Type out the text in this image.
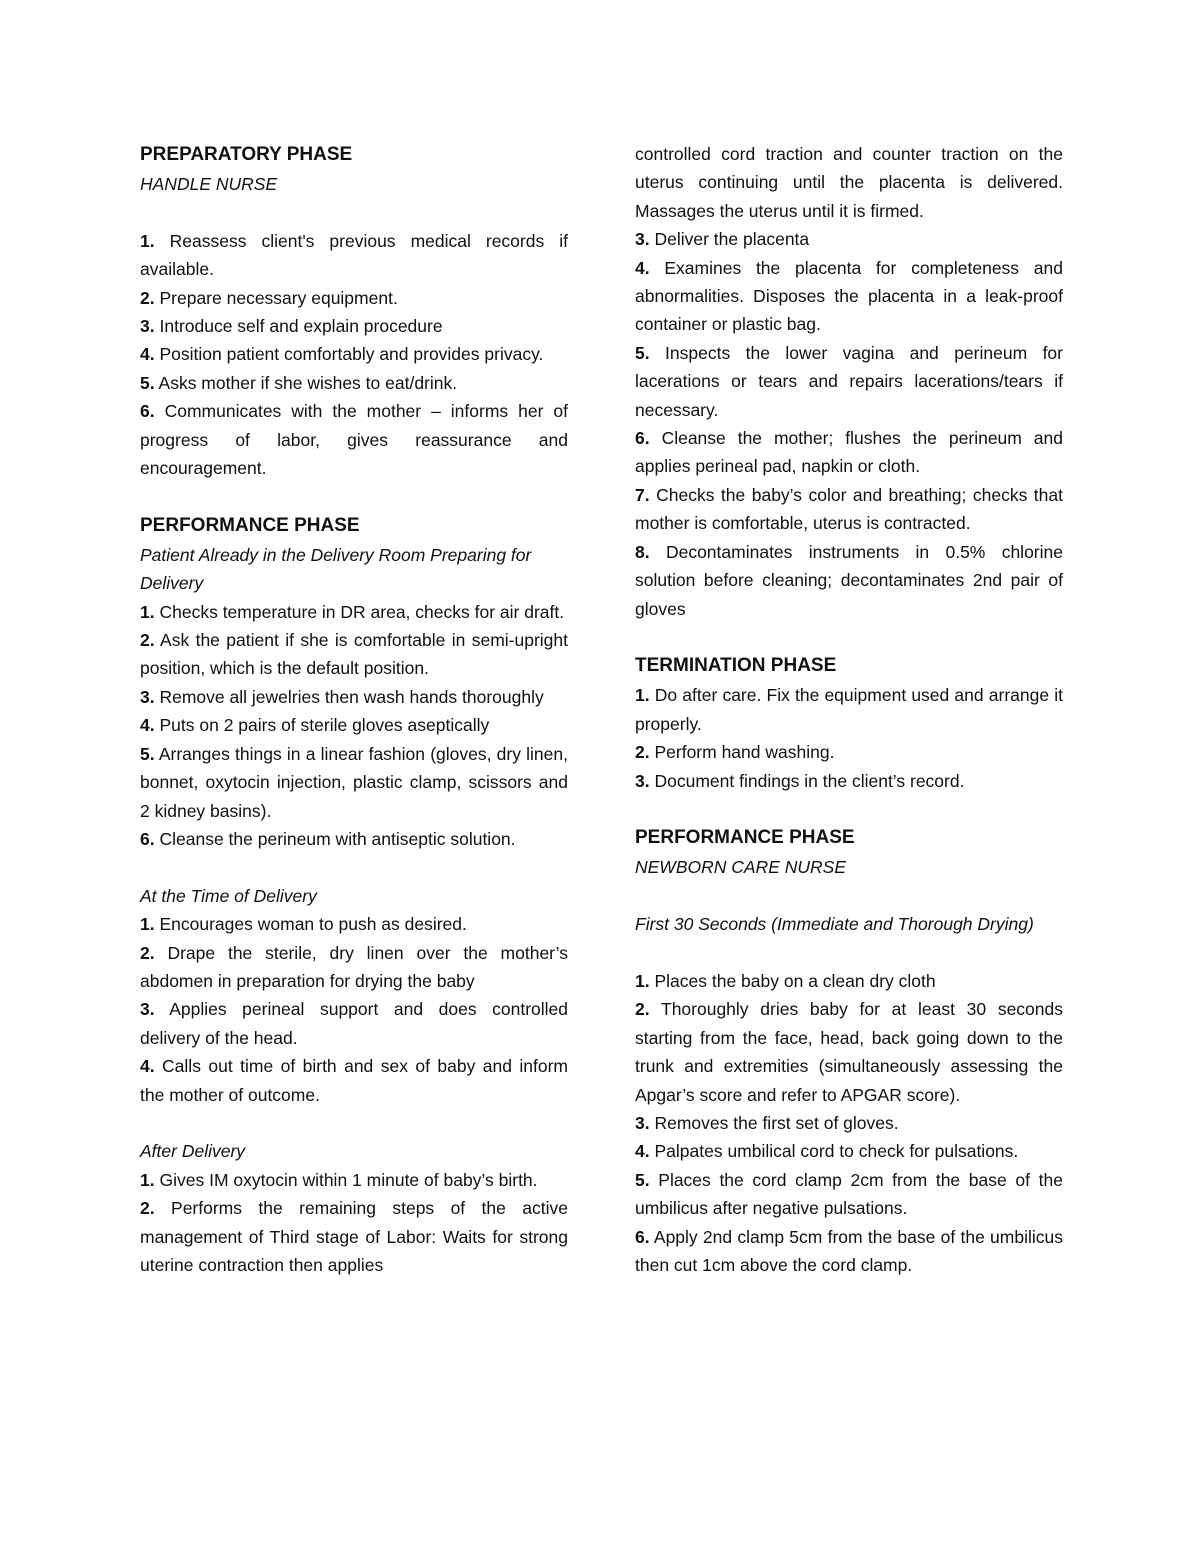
PREPARATORY PHASE

HANDLE NURSE

1. Reassess client's previous medical records if available.

2. Prepare necessary equipment.

3. Introduce self and explain procedure

4. Position patient comfortably and provides privacy.

5. Asks mother if she wishes to eat/drink.

6. Communicates with the mother – informs her of progress of labor, gives reassurance and encouragement.

PERFORMANCE PHASE

Patient Already in the Delivery Room Preparing for Delivery

1. Checks temperature in DR area, checks for air draft.

2. Ask the patient if she is comfortable in semi-upright position, which is the default position.

3. Remove all jewelries then wash hands thoroughly

4. Puts on 2 pairs of sterile gloves aseptically

5. Arranges things in a linear fashion (gloves, dry linen, bonnet, oxytocin injection, plastic clamp, scissors and 2 kidney basins).

6. Cleanse the perineum with antiseptic solution.

At the Time of Delivery

1. Encourages woman to push as desired.

2. Drape the sterile, dry linen over the mother’s abdomen in preparation for drying the baby

3. Applies perineal support and does controlled delivery of the head.

4. Calls out time of birth and sex of baby and inform the mother of outcome.

After Delivery

1. Gives IM oxytocin within 1 minute of baby’s birth.

2. Performs the remaining steps of the active management of Third stage of Labor: Waits for strong uterine contraction then applies

controlled cord traction and counter traction on the uterus continuing until the placenta is delivered. Massages the uterus until it is firmed.

3. Deliver the placenta

4. Examines the placenta for completeness and abnormalities. Disposes the placenta in a leak-proof container or plastic bag.

5. Inspects the lower vagina and perineum for lacerations or tears and repairs lacerations/tears if necessary.

6. Cleanse the mother; flushes the perineum and applies perineal pad, napkin or cloth.

7. Checks the baby’s color and breathing; checks that mother is comfortable, uterus is contracted.

8. Decontaminates instruments in 0.5% chlorine solution before cleaning; decontaminates 2nd pair of gloves

TERMINATION PHASE

1. Do after care. Fix the equipment used and arrange it properly.

2. Perform hand washing.

3. Document findings in the client’s record.

PERFORMANCE PHASE

NEWBORN CARE NURSE

First 30 Seconds (Immediate and Thorough Drying)

1. Places the baby on a clean dry cloth

2. Thoroughly dries baby for at least 30 seconds starting from the face, head, back going down to the trunk and extremities (simultaneously assessing the Apgar’s score and refer to APGAR score).

3. Removes the first set of gloves.

4. Palpates umbilical cord to check for pulsations.

5. Places the cord clamp 2cm from the base of the umbilicus after negative pulsations.

6. Apply 2nd clamp 5cm from the base of the umbilicus then cut 1cm above the cord clamp.
